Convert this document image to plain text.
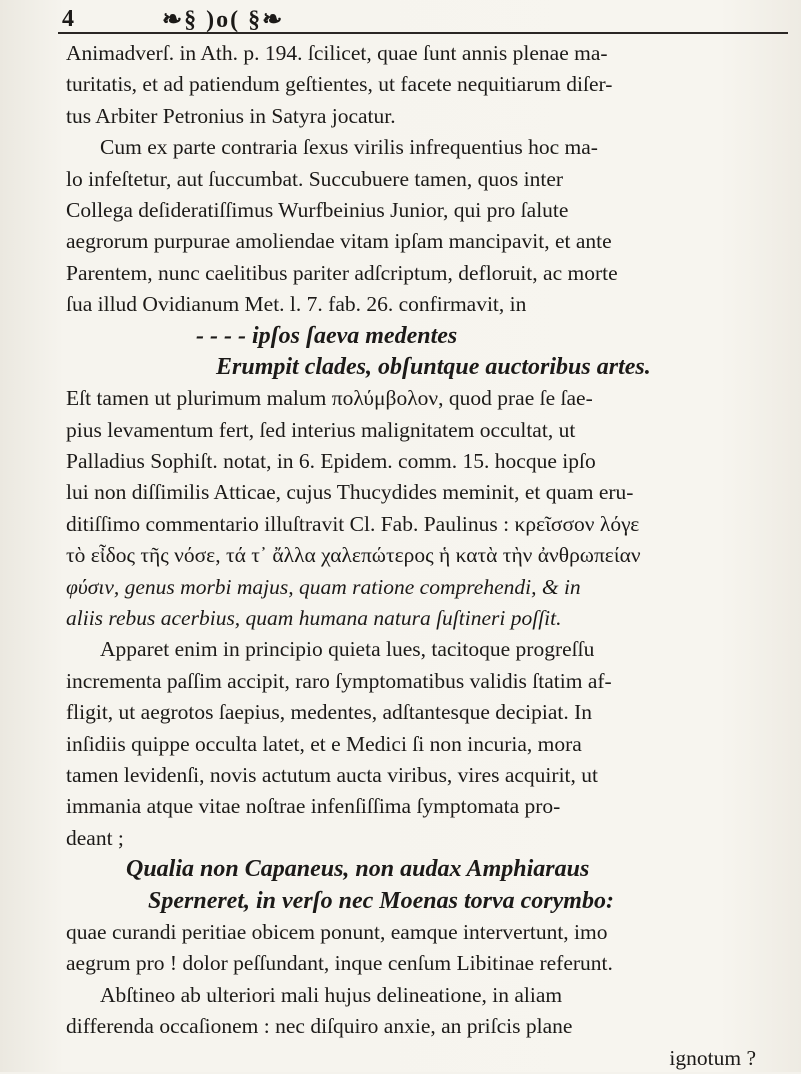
4	❧§ )o( §❧
Animadverſ. in Ath. p. 194. ſcilicet, quae ſunt annis plenae ma-
turitatis, et ad patiendum geſtientes, ut facete nequitiarum diſer-
tus Arbiter Petronius in Satyra jocatur.
Cum ex parte contraria ſexus virilis infrequentius hoc ma-
lo infeſtetur, aut ſuccumbat. Succubuere tamen, quos inter
Collega deſideratiſſimus Wurfbeinius Junior, qui pro ſalute
aegrorum purpurae amoliendae vitam ipſam mancipavit, et ante
Parentem, nunc caelitibus pariter adſcriptum, defloruit, ac morte
ſua illud Ovidianum Met. l. 7. fab. 26. confirmavit, in
- - - - ipſos ſaeva medentes
Erumpit clades, obſuntque auctoribus artes.
Eſt tamen ut plurimum malum πολύμβολον, quod prae ſe ſae-
pius levamentum fert, ſed interius malignitatem occultat, ut
Palladius Sophiſt. notat, in 6. Epidem. comm. 15. hocque ipſo
lui non diſſimilis Atticae, cujus Thucydides meminit, et quam eru-
ditiſſimo commentario illuſtravit Cl. Fab. Paulinus : κρεῖσσον λόγε
τὸ εἶδος τῆς νόσε, τά τ᾽ ἄλλα χαλεπώτερος ἡ κατὰ τὴν ἀνθρωπείαν
φύσιν, genus morbi majus, quam ratione comprehendi, & in
aliis rebus acerbius, quam humana natura ſuſtineri poſſit.
Apparet enim in principio quieta lues, tacitoque progreſſu
incrementa paſſim accipit, raro ſymptomatibus validis ſtatim af-
fligit, ut aegrotos ſaepius, medentes, adſtantesque decipiat. In
inſidiis quippe occulta latet, et e Medici ſi non incuria, mora
tamen levidenſi, novis actutum aucta viribus, vires acquirit, ut
immania atque vitae noſtrae infenſiſſima ſymptomata pro-
deant ;
Qualia non Capaneus, non audax Amphiaraus
Sperneret, in verſo nec Moenas torva corymbo:
quae curandi peritiae obicem ponunt, eamque intervertunt, imo
aegrum pro ! dolor peſſundant, inque cenſum Libitinae referunt.
Abſtineo ab ulteriori mali hujus delineatione, in aliam
differenda occaſionem : nec diſquiro anxie, an priſcis plane
ignotum ?
